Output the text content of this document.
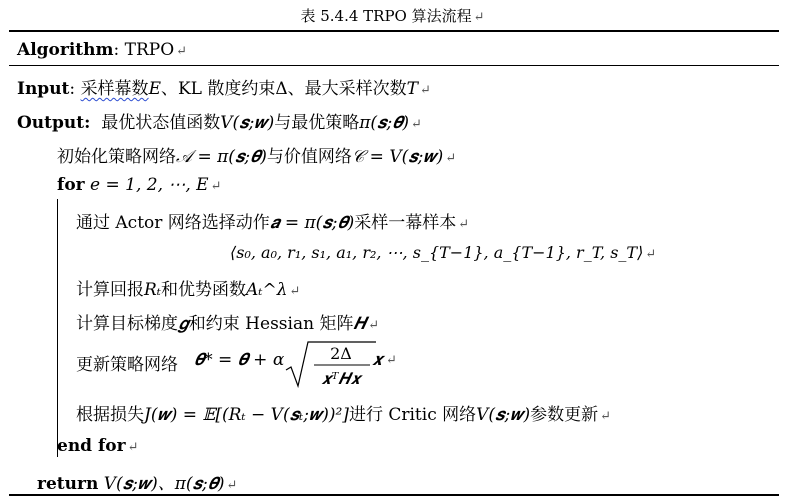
表 5.4.4 TRPO 算法流程 ↵
Algorithm: TRPO ↵
Input: 采样幕数E、KL 散度约束Δ、最大采样次数T ↵
Output: 最优状态值函数V(𝒔;𝒘)与最优策略π(𝒔;𝜽) ↵
初始化策略网络𝒜 = π(𝒔;𝜽)与价值网络𝒞 = V(𝒔;𝒘) ↵
for e = 1, 2, ⋯, E ↵
通过 Actor 网络选择动作𝒂 = π(𝒔;𝜽)采样一幕样本 ↵
⟨s₀, a₀, r₁, s₁, a₁, r₂, ⋯, s_{T−1}, a_{T−1}, r_T, s_T⟩ ↵
计算回报Rₜ和优势函数Aₜ^λ ↵
计算目标梯度𝒈和约束 Hessian 矩阵𝑯 ↵
更新策略网络 𝜽* = 𝜽 + α	2Δ
𝒙ᵀ𝑯𝒙
𝒙 ↵
根据损失J(𝒘) = 𝔼[(Rₜ − V(𝒔ₜ;𝒘))²]进行 Critic 网络V(𝒔;𝒘)参数更新 ↵
end for ↵
return V(𝒔;𝒘)、π(𝒔;𝜽) ↵
